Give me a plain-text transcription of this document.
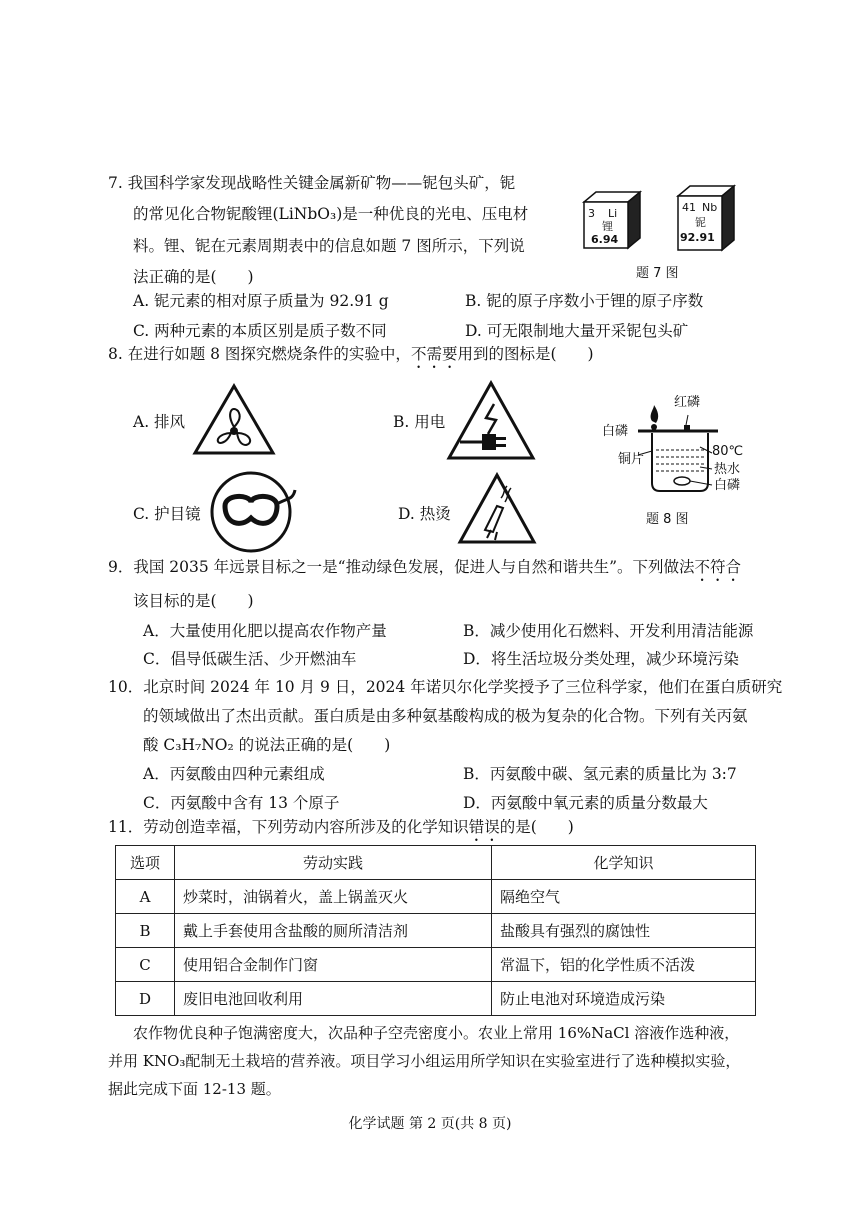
7. 我国科学家发现战略性关键金属新矿物——铌包头矿，铌
的常见化合物铌酸锂(LiNbO₃)是一种优良的光电、压电材
料。锂、铌在元素周期表中的信息如题 7 图所示，下列说
法正确的是(　　)
A. 铌元素的相对原子质量为 92.91 g	B. 铌的原子序数小于锂的原子序数
C. 两种元素的本质区别是质子数不同	D. 可无限制地大量开采铌包头矿
3 Li
锂
6.94
41 Nb
铌
92.91
题 7 图
8. 在进行如题 8 图探究燃烧条件的实验中，不需要用到的图标是(　　)
A. 排风	B. 用电
C. 护目镜	D. 热烫
红磷
白磷
80℃
铜片
热水
白磷
题 8 图
9．我国 2035 年远景目标之一是“推动绿色发展，促进人与自然和谐共生”。下列做法不符合
该目标的是(　　)
A．大量使用化肥以提高农作物产量	B．减少使用化石燃料、开发利用清洁能源
C．倡导低碳生活、少开燃油车	D．将生活垃圾分类处理，减少环境污染
10．北京时间 2024 年 10 月 9 日，2024 年诺贝尔化学奖授予了三位科学家，他们在蛋白质研究
的领域做出了杰出贡献。蛋白质是由多种氨基酸构成的极为复杂的化合物。下列有关丙氨
酸 C₃H₇NO₂ 的说法正确的是(　　)
A．丙氨酸由四种元素组成	B．丙氨酸中碳、氢元素的质量比为 3:7
C．丙氨酸中含有 13 个原子	D．丙氨酸中氧元素的质量分数最大
11．劳动创造幸福，下列劳动内容所涉及的化学知识错误的是(　　)
选项	劳动实践	化学知识
A	炒菜时，油锅着火，盖上锅盖灭火	隔绝空气
B	戴上手套使用含盐酸的厕所清洁剂	盐酸具有强烈的腐蚀性
C	使用铝合金制作门窗	常温下，铝的化学性质不活泼
D	废旧电池回收利用	防止电池对环境造成污染
农作物优良种子饱满密度大，次品种子空壳密度小。农业上常用 16%NaCl 溶液作选种液，
并用 KNO₃配制无土栽培的营养液。项目学习小组运用所学知识在实验室进行了选种模拟实验，
据此完成下面 12-13 题。
化学试题 第 2 页(共 8 页)
